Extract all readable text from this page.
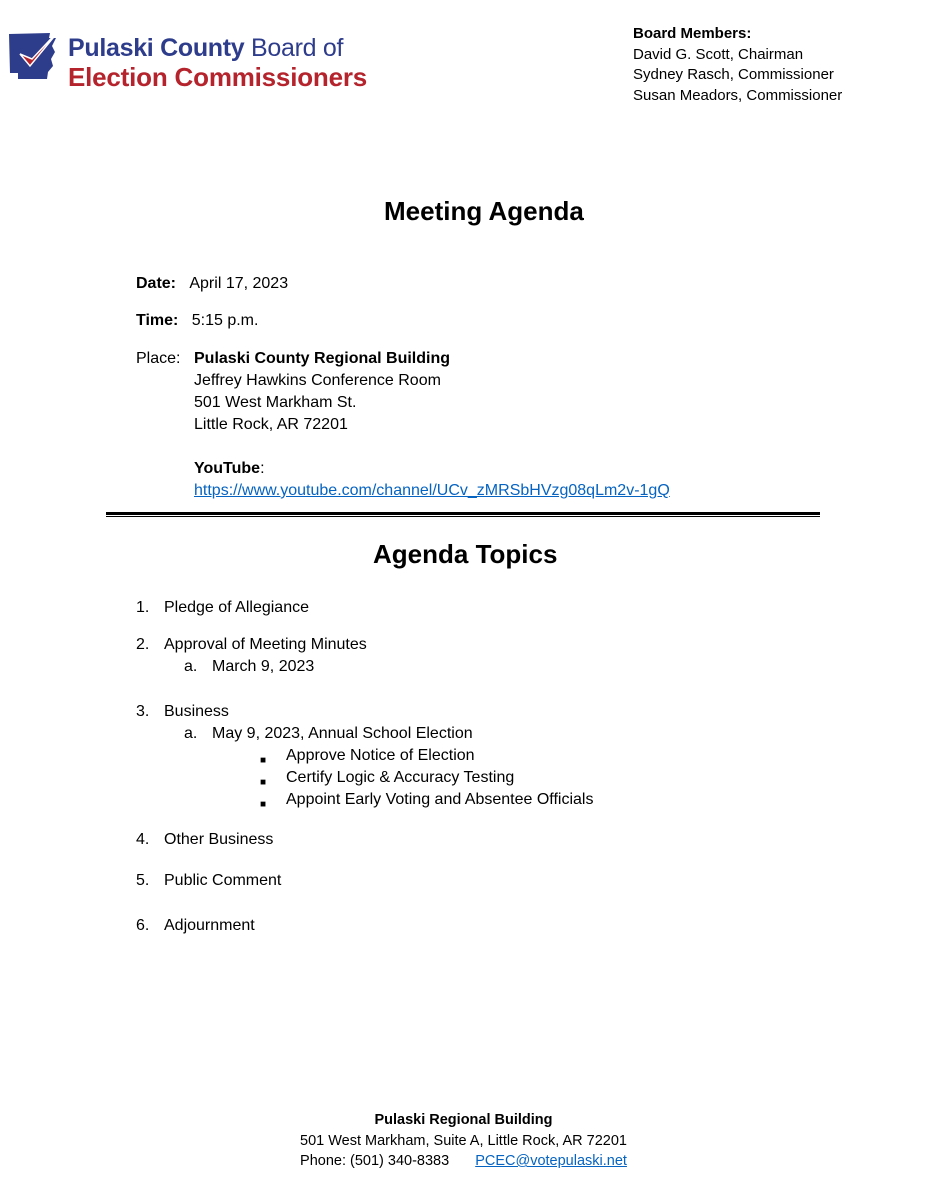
Pulaski County Board of
Election Commissioners
Board Members:
David G. Scott, Chairman
Sydney Rasch, Commissioner
Susan Meadors, Commissioner
Meeting Agenda
Date: April 17, 2023
Time: 5:15 p.m.
Place: Pulaski County Regional Building
Jeffrey Hawkins Conference Room
501 West Markham St.
Little Rock, AR 72201
YouTube:
https://www.youtube.com/channel/UCv_zMRSbHVzg08qLm2v-1gQ
Agenda Topics
1. Pledge of Allegiance
2. Approval of Meeting Minutes
a. March 9, 2023
3. Business
a. May 9, 2023, Annual School Election
■ Approve Notice of Election
■ Certify Logic & Accuracy Testing
■ Appoint Early Voting and Absentee Officials
4. Other Business
5. Public Comment
6. Adjournment
Pulaski Regional Building
501 West Markham, Suite A, Little Rock, AR 72201
Phone: (501) 340-8383 PCEC@votepulaski.net
